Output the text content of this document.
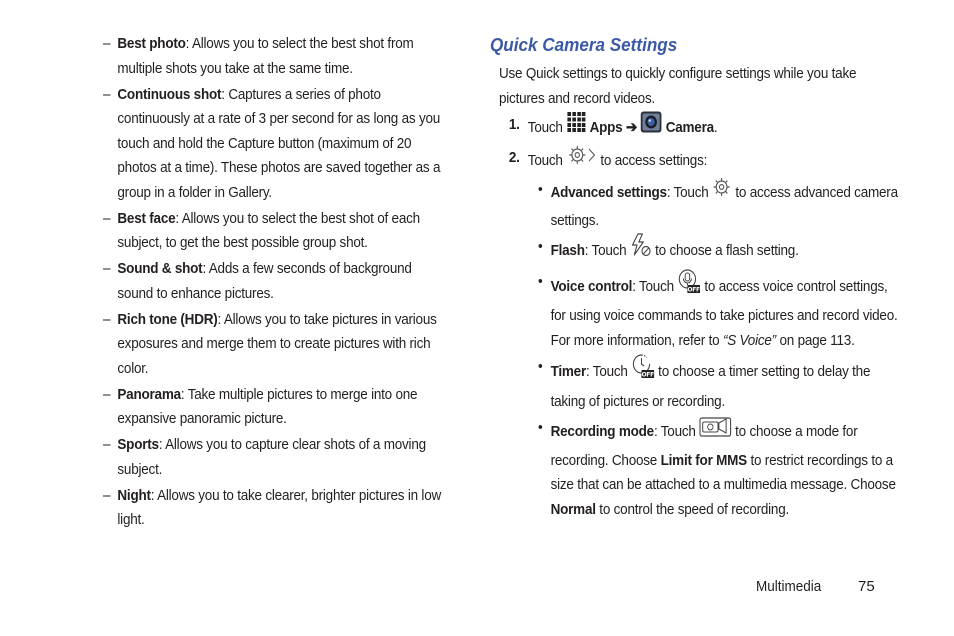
– Best photo: Allows you to select the best shot from multiple shots you take at the same time.
– Continuous shot: Captures a series of photo continuously at a rate of 3 per second for as long as you touch and hold the Capture button (maximum of 20 photos at a time). These photos are saved together as a group in a folder in Gallery.
– Best face: Allows you to select the best shot of each subject, to get the best possible group shot.
– Sound & shot: Adds a few seconds of background sound to enhance pictures.
– Rich tone (HDR): Allows you to take pictures in various exposures and merge them to create pictures with rich color.
– Panorama: Take multiple pictures to merge into one expansive panoramic picture.
– Sports: Allows you to capture clear shots of a moving subject.
– Night: Allows you to take clearer, brighter pictures in low light.
Quick Camera Settings
Use Quick settings to quickly configure settings while you take pictures and record videos.
1. Touch Apps ➔ Camera.
2. Touch	to access settings:
• Advanced settings: Touch to access advanced camera settings.
• Flash: Touch to choose a flash setting.
• Voice control: Touch OFF to access voice control settings, for using voice commands to take pictures and record video. For more information, refer to “S Voice” on page 113.
• Timer: Touch OFF to choose a timer setting to delay the taking of pictures or recording.
• Recording mode: Touch	to choose a mode for recording. Choose Limit for MMS to restrict recordings to a size that can be attached to a multimedia message. Choose Normal to control the speed of recording.
Multimedia 75
